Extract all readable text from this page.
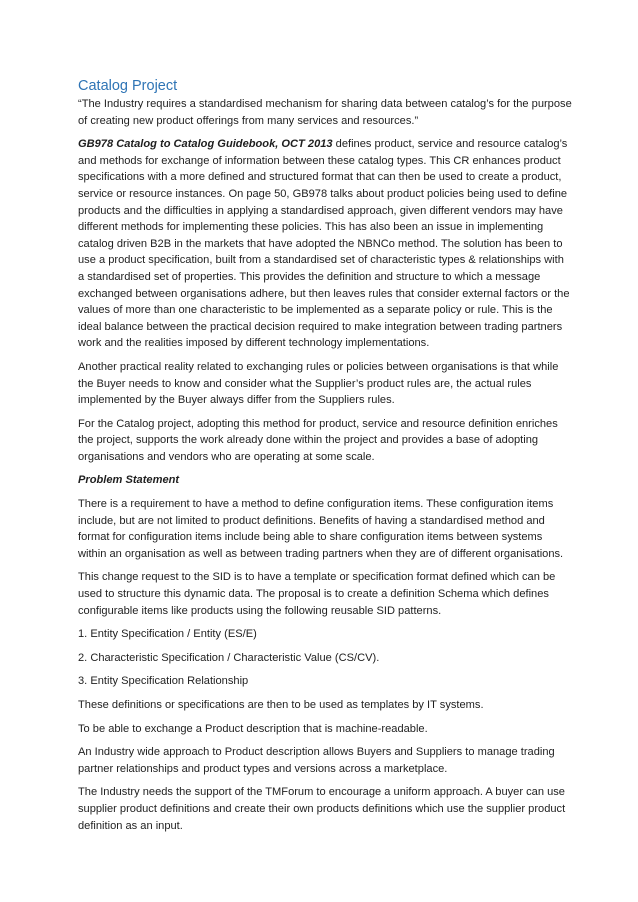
Catalog Project

“The Industry requires a standardised mechanism for sharing data between catalog’s for the purpose of creating new product offerings from many services and resources.”

GB978 Catalog to Catalog Guidebook, OCT 2013 defines product, service and resource catalog’s and methods for exchange of information between these catalog types. This CR enhances product specifications with a more defined and structured format that can then be used to create a product, service or resource instances. On page 50, GB978 talks about product policies being used to define products and the difficulties in applying a standardised approach, given different vendors may have different methods for implementing these policies. This has also been an issue in implementing catalog driven B2B in the markets that have adopted the NBNCo method. The solution has been to use a product specification, built from a standardised set of characteristic types & relationships with a standardised set of properties. This provides the definition and structure to which a message exchanged between organisations adhere, but then leaves rules that consider external factors or the values of more than one characteristic to be implemented as a separate policy or rule. This is the ideal balance between the practical decision required to make integration between trading partners work and the realities imposed by different technology implementations.

Another practical reality related to exchanging rules or policies between organisations is that while the Buyer needs to know and consider what the Supplier’s product rules are, the actual rules implemented by the Buyer always differ from the Suppliers rules.

For the Catalog project, adopting this method for product, service and resource definition enriches the project, supports the work already done within the project and provides a base of adopting organisations and vendors who are operating at some scale.

Problem Statement

There is a requirement to have a method to define configuration items. These configuration items include, but are not limited to product definitions. Benefits of having a standardised method and format for configuration items include being able to share configuration items between systems within an organisation as well as between trading partners when they are of different organisations.

This change request to the SID is to have a template or specification format defined which can be used to structure this dynamic data. The proposal is to create a definition Schema which defines configurable items like products using the following reusable SID patterns.

1. Entity Specification / Entity (ES/E)

2. Characteristic Specification / Characteristic Value (CS/CV).

3. Entity Specification Relationship

These definitions or specifications are then to be used as templates by IT systems.

To be able to exchange a Product description that is machine-readable.

An Industry wide approach to Product description allows Buyers and Suppliers to manage trading partner relationships and product types and versions across a marketplace.

The Industry needs the support of the TMForum to encourage a uniform approach. A buyer can use supplier product definitions and create their own products definitions which use the supplier product definition as an input.
